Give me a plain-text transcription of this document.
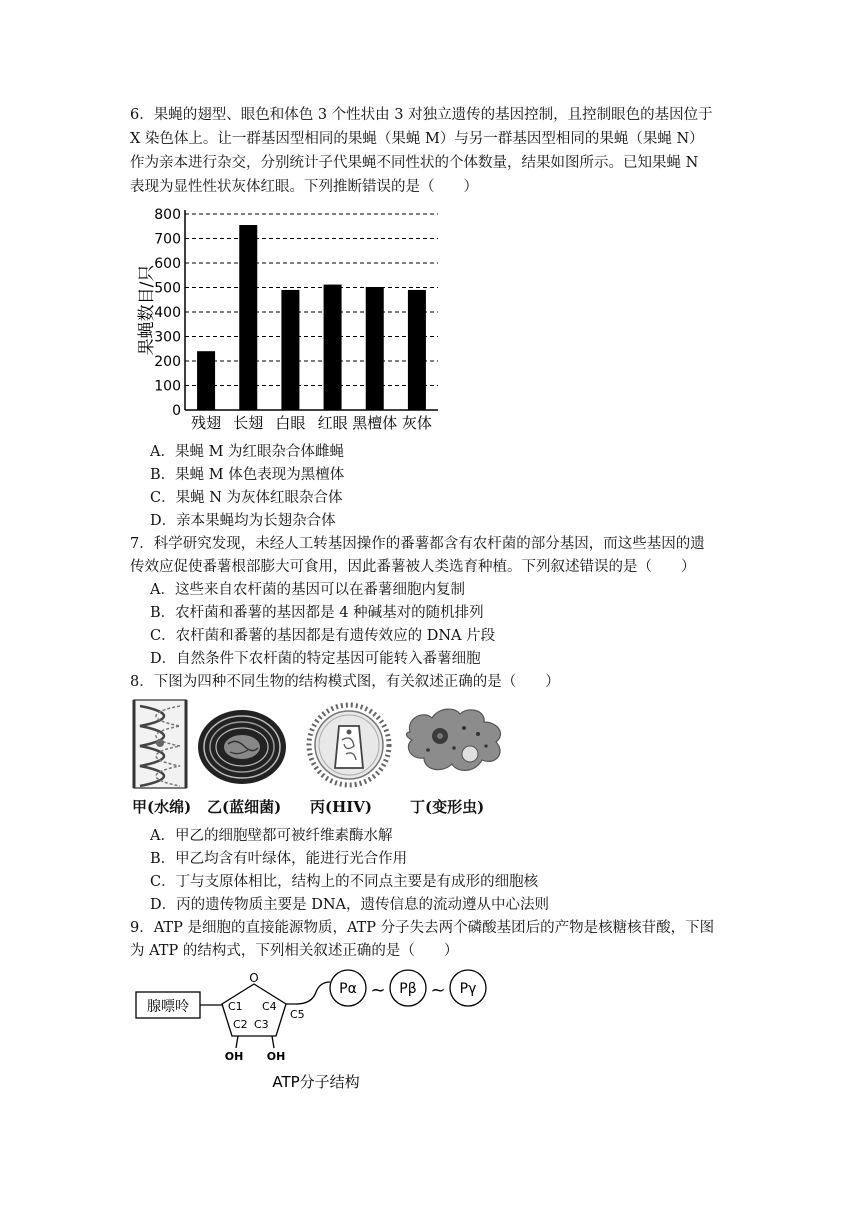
6．果蝇的翅型、眼色和体色 3 个性状由 3 对独立遗传的基因控制，且控制眼色的基因位于
X 染色体上。让一群基因型相同的果蝇（果蝇 M）与另一群基因型相同的果蝇（果蝇 N）
作为亲本进行杂交，分别统计子代果蝇不同性状的个体数量，结果如图所示。已知果蝇 N
表现为显性性状灰体红眼。下列推断错误的是（　　）
0
100
200
300
400
500
600
700
800
残翅 长翅 白眼 红眼 黑檀体 灰体
果蝇数目/只
A．果蝇 M 为红眼杂合体雌蝇
B．果蝇 M 体色表现为黑檀体
C．果蝇 N 为灰体红眼杂合体
D．亲本果蝇均为长翅杂合体
7．科学研究发现，未经人工转基因操作的番薯都含有农杆菌的部分基因，而这些基因的遗
传效应促使番薯根部膨大可食用，因此番薯被人类选育种植。下列叙述错误的是（　　）
A．这些来自农杆菌的基因可以在番薯细胞内复制
B．农杆菌和番薯的基因都是 4 种碱基对的随机排列
C．农杆菌和番薯的基因都是有遗传效应的 DNA 片段
D．自然条件下农杆菌的特定基因可能转入番薯细胞
8．下图为四种不同生物的结构模式图，有关叙述正确的是（　　）
甲(水绵) 乙(蓝细菌) 丙(HIV)	丁(变形虫)
A．甲乙的细胞壁都可被纤维素酶水解
B．甲乙均含有叶绿体，能进行光合作用
C．丁与支原体相比，结构上的不同点主要是有成形的细胞核
D．丙的遗传物质主要是 DNA，遗传信息的流动遵从中心法则
9．ATP 是细胞的直接能源物质，ATP 分子失去两个磷酸基团后的产物是核糖核苷酸，下图
为 ATP 的结构式，下列相关叙述正确的是（　　）
腺嘌呤
O
C1 C4
C2 C3
OH OH
C5
Pα ~ Pβ ~ Pγ
ATP分子结构
